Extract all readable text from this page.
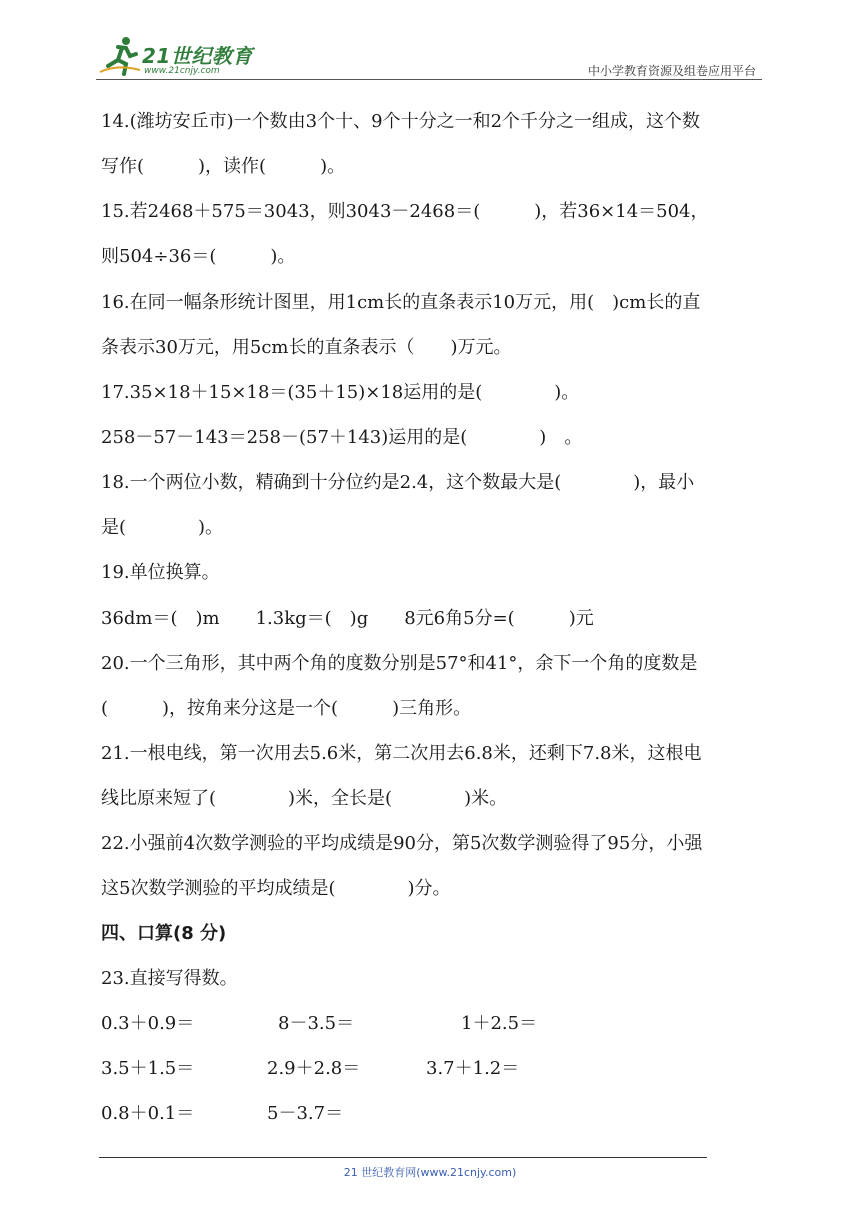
21世纪教育
www.21cnjy.com	中小学教育资源及组卷应用平台
14.(潍坊安丘市)一个数由3个十、9个十分之一和2个千分之一组成，这个数
写作(　　　)，读作(　　　)。
15.若2468＋575＝3043，则3043－2468＝(　　　)，若36×14＝504，
则504÷36＝(　　　)。
16.在同一幅条形统计图里，用1cm长的直条表示10万元，用(　)cm长的直
条表示30万元，用5cm长的直条表示（　　)万元。
17.35×18＋15×18＝(35＋15)×18运用的是(　　　　)。
258－57－143＝258－(57＋143)运用的是(　　　　)　。
18.一个两位小数，精确到十分位约是2.4，这个数最大是(　　　　)，最小
是(　　　　)。
19.单位换算。
36dm＝(　)m　　1.3kg＝(　)g　　8元6角5分=(　　　)元
20.一个三角形，其中两个角的度数分别是57°和41°，余下一个角的度数是
(　　　)，按角来分这是一个(　　　)三角形。
21.一根电线，第一次用去5.6米，第二次用去6.8米，还剩下7.8米，这根电
线比原来短了(　　　　)米，全长是(　　　　)米。
22.小强前4次数学测验的平均成绩是90分，第5次数学测验得了95分，小强
这5次数学测验的平均成绩是(　　　　)分。
四、口算(8 分)
23.直接写得数。
0.3＋0.9＝	8－3.5＝	1＋2.5＝
3.5＋1.5＝	2.9＋2.8＝	3.7＋1.2＝
0.8＋0.1＝	5－3.7＝
21 世纪教育网(www.21cnjy.com)
